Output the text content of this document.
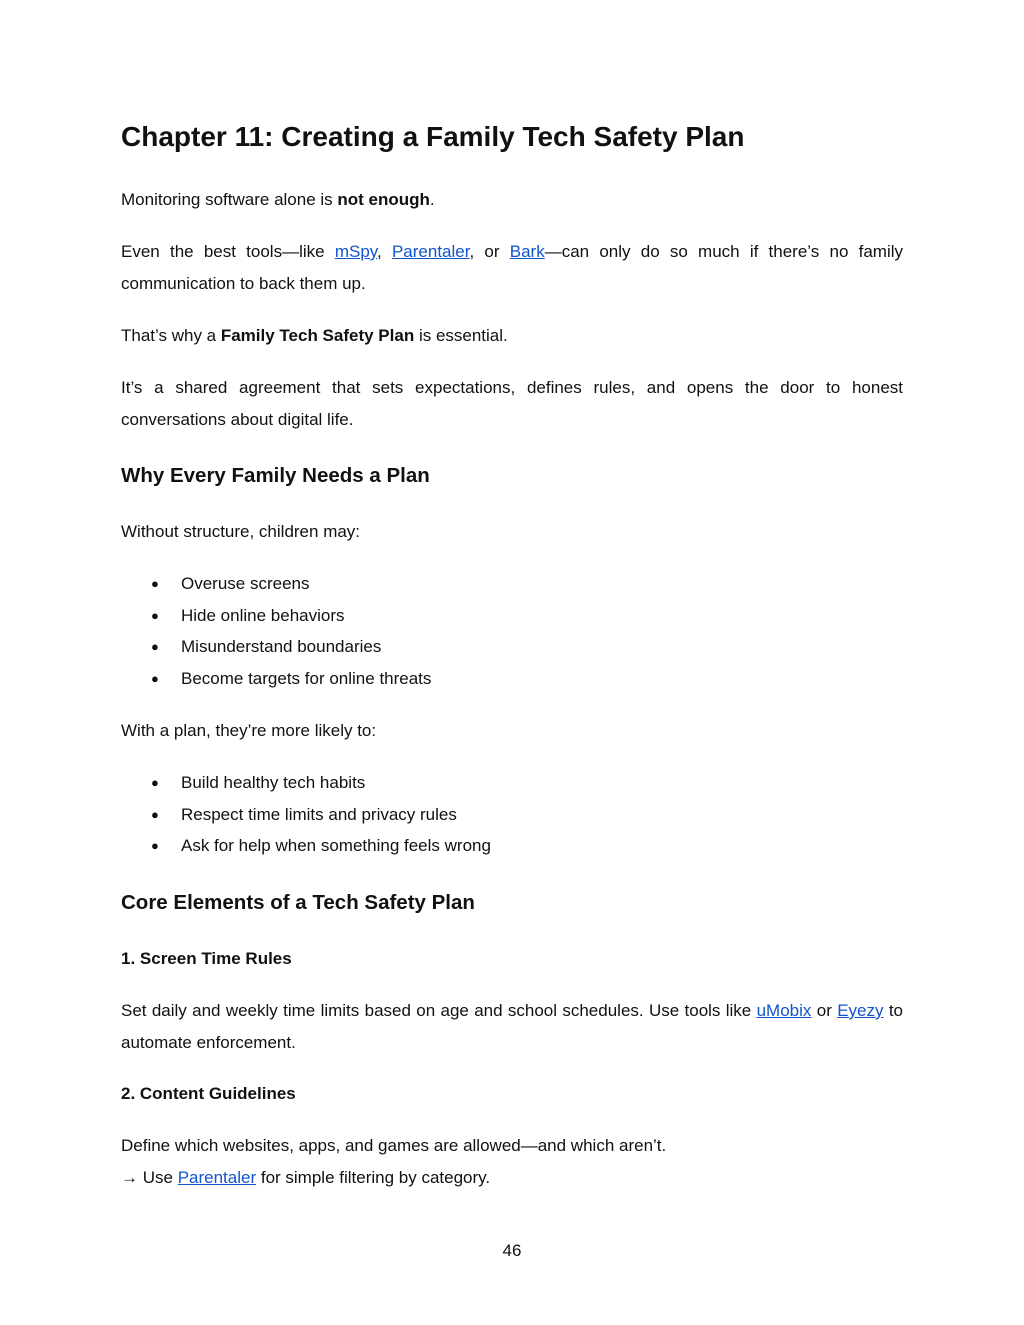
Chapter 11: Creating a Family Tech Safety Plan

Monitoring software alone is not enough.

Even the best tools—like mSpy, Parentaler, or Bark—can only do so much if there’s no family communication to back them up.

That’s why a Family Tech Safety Plan is essential.

It’s a shared agreement that sets expectations, defines rules, and opens the door to honest conversations about digital life.

Why Every Family Needs a Plan

Without structure, children may:

● Overuse screens
● Hide online behaviors
● Misunderstand boundaries
● Become targets for online threats

With a plan, they’re more likely to:

● Build healthy tech habits
● Respect time limits and privacy rules
● Ask for help when something feels wrong
Core Elements of a Tech Safety Plan
1. Screen Time Rules

Set daily and weekly time limits based on age and school schedules. Use tools like uMobix or Eyezy to automate enforcement.

2. Content Guidelines

Define which websites, apps, and games are allowed—and which aren’t.

→ Use Parentaler for simple filtering by category.

46
